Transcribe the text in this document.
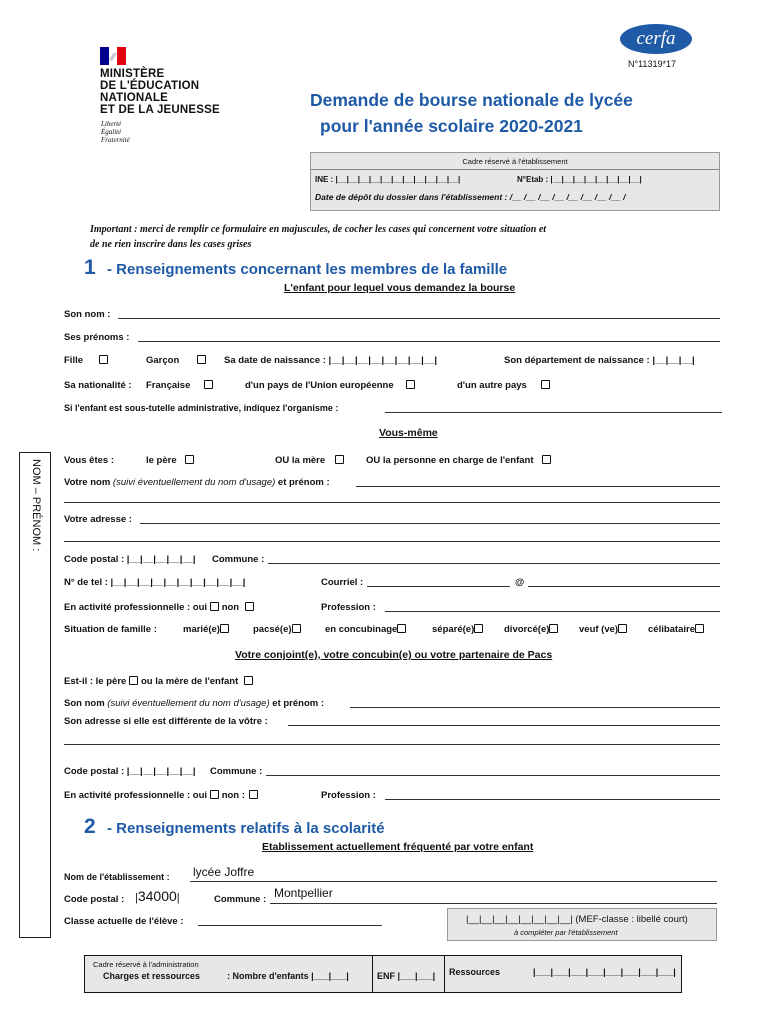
MINISTÈRE
DE L'ÉDUCATION
NATIONALE
ET DE LA JEUNESSE
Liberté
Égalité
Fraternité
cerfa
N°11319*17
Demande de bourse nationale de lycée
pour l'année scolaire 2020-2021
Cadre réservé à l'établissement
INE : |__|__|__|__|__|__|__|__|__|__|__|	N°Etab : |__|__|__|__|__|__|__|__|
Date de dépôt du dossier dans l'établissement : /__ /__ /__ /__ /__ /__ /__ /__ /
Important : merci de remplir ce formulaire en majuscules, de cocher les cases qui concernent votre situation et
de ne rien inscrire dans les cases grises
1 - Renseignements concernant les membres de la famille
L'enfant pour lequel vous demandez la bourse
NOM – PRÉNOM :
Son nom :
Ses prénoms :
Fille	Garçon	Sa date de naissance : |__|__|__|__|__|__|__|__|	Son département de naissance : |__|__|__|
Sa nationalité : Française	d'un pays de l'Union européenne	d'un autre pays
Si l'enfant est sous-tutelle administrative, indiquez l'organisme :
Vous-même
Vous êtes :	le père	OU la mère	OU la personne en charge de l'enfant
Votre nom (suivi éventuellement du nom d'usage) et prénom :
Votre adresse :
Code postal : |__|__|__|__|__| Commune :
N° de tel : |__|__|__|__|__|__|__|__|__|__|	Courriel :	@
En activité professionnelle : oui non	Profession :
Situation de famille :	marié(e)	pacsé(e)	en concubinage	séparé(e)	divorcé(e)	veuf (ve)	célibataire
Votre conjoint(e), votre concubin(e) ou votre partenaire de Pacs
Est-il : le père ou la mère de l'enfant
Son nom (suivi éventuellement du nom d'usage) et prénom :
Son adresse si elle est différente de la vôtre :
Code postal : |__|__|__|__|__| Commune :
En activité professionnelle : oui non :	Profession :
2 - Renseignements relatifs à la scolarité
Etablissement actuellement fréquenté par votre enfant
Nom de l'établissement : lycée Joffre
Code postal : |34000|	Commune : Montpellier
Classe actuelle de l'élève :	|__|__|__|__|__|__|__|__| (MEF-classe : libellé court)
à compléter par l'établissement
Cadre réservé à l'administration
Charges et ressources	: Nombre d'enfants |___|___|	ENF |___|___| Ressources	|___|___|___|___|___|___|___|___|
